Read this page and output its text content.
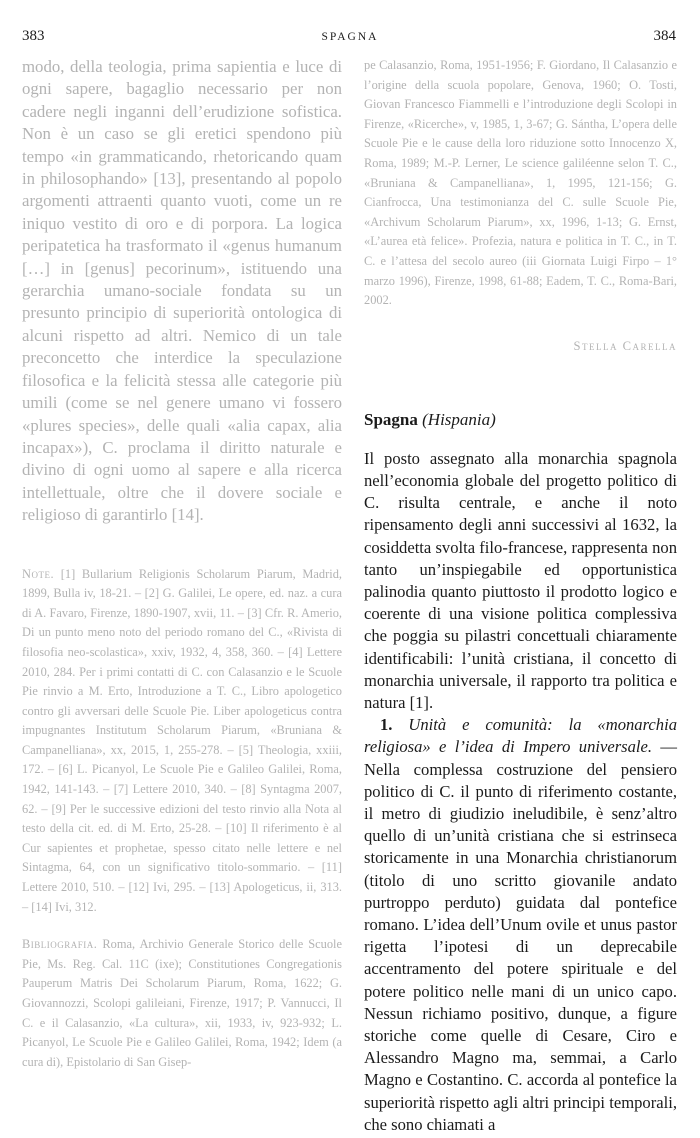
383	SPAGNA	384

modo, della teologia, prima sapientia e luce di ogni sapere, bagaglio necessario per non cadere negli inganni dell’erudizione sofistica. Non è un caso se gli eretici spendono più tempo «in grammaticando, rhetoricando quam in philosophando» [13], presentando al popolo argomenti attraenti quanto vuoti, come un re iniquo vestito di oro e di porpora. La logica peripatetica ha trasformato il «genus humanum […] in [genus] pecorinum», istituendo una gerarchia umano-sociale fondata su un presunto principio di superiorità ontologica di alcuni rispetto ad altri. Nemico di un tale preconcetto che interdice la speculazione filosofica e la felicità stessa alle categorie più umili (come se nel genere umano vi fossero «plures species», delle quali «alia capax, alia incapax»), C. proclama il diritto naturale e divino di ogni uomo al sapere e alla ricerca intellettuale, oltre che il dovere sociale e religioso di garantirlo [14].

Note. [1] Bullarium Religionis Scholarum Piarum, Madrid, 1899, Bulla iv, 18-21. – [2] G. Galilei, Le opere, ed. naz. a cura di A. Favaro, Firenze, 1890-1907, xvii, 11. – [3] Cfr. R. Amerio, Di un punto meno noto del periodo romano del C., «Rivista di filosofia neo-scolastica», xxiv, 1932, 4, 358, 360. – [4] Lettere 2010, 284. Per i primi contatti di C. con Calasanzio e le Scuole Pie rinvio a M. Erto, Introduzione a T. C., Libro apologetico contro gli avversari delle Scuole Pie. Liber apologeticus contra impugnantes Institutum Scholarum Piarum, «Bruniana & Campanelliana», xx, 2015, 1, 255-278. – [5] Theologia, xxiii, 172. – [6] L. Picanyol, Le Scuole Pie e Galileo Galilei, Roma, 1942, 141-143. – [7] Lettere 2010, 340. – [8] Syntagma 2007, 62. – [9] Per le successive edizioni del testo rinvio alla Nota al testo della cit. ed. di M. Erto, 25-28. – [10] Il riferimento è al Cur sapientes et prophetae, spesso citato nelle lettere e nel Sintagma, 64, con un significativo titolo-sommario. – [11] Lettere 2010, 510. – [12] Ivi, 295. – [13] Apologeticus, ii, 313. – [14] Ivi, 312.

Bibliografia. Roma, Archivio Generale Storico delle Scuole Pie, Ms. Reg. Cal. 11C (ixe); Constitutiones Congregationis Pauperum Matris Dei Scholarum Piarum, Roma, 1622; G. Giovannozzi, Scolopi galileiani, Firenze, 1917; P. Vannucci, Il C. e il Calasanzio, «La cultura», xii, 1933, iv, 923-932; L. Picanyol, Le Scuole Pie e Galileo Galilei, Roma, 1942; Idem (a cura di), Epistolario di San Gisep-

pe Calasanzio, Roma, 1951-1956; F. Giordano, Il Calasanzio e l’origine della scuola popolare, Genova, 1960; O. Tosti, Giovan Francesco Fiammelli e l’introduzione degli Scolopi in Firenze, «Ricerche», v, 1985, 1, 3-67; G. Sántha, L’opera delle Scuole Pie e le cause della loro riduzione sotto Innocenzo X, Roma, 1989; M.-P. Lerner, Le science galiléenne selon T. C., «Bruniana & Campanelliana», 1, 1995, 121-156; G. Cianfrocca, Una testimonianza del C. sulle Scuole Pie, «Archivum Scholarum Piarum», xx, 1996, 1-13; G. Ernst, «L’aurea età felice». Profezia, natura e politica in T. C., in T. C. e l’attesa del secolo aureo (iii Giornata Luigi Firpo – 1° marzo 1996), Firenze, 1998, 61-88; Eadem, T. C., Roma-Bari, 2002.

Stella Carella
Spagna (Hispania)

Il posto assegnato alla monarchia spagnola nell’economia globale del progetto politico di C. risulta centrale, e anche il noto ripensamento degli anni successivi al 1632, la cosiddetta svolta filo-francese, rappresenta non tanto un’inspiegabile ed opportunistica palinodia quanto piuttosto il prodotto logico e coerente di una visione politica complessiva che poggia su pilastri concettuali chiaramente identificabili: l’unità cristiana, il concetto di monarchia universale, il rapporto tra politica e natura [1].

1. Unità e comunità: la «monarchia religiosa» e l’idea di Impero universale. — Nella complessa costruzione del pensiero politico di C. il punto di riferimento costante, il metro di giudizio ineludibile, è senz’altro quello di un’unità cristiana che si estrinseca storicamente in una Monarchia christianorum (titolo di uno scritto giovanile andato purtroppo perduto) guidata dal pontefice romano. L’idea dell’Unum ovile et unus pastor rigetta l’ipotesi di un deprecabile accentramento del potere spirituale e del potere politico nelle mani di un unico capo. Nessun richiamo positivo, dunque, a figure storiche come quelle di Cesare, Ciro e Alessandro Magno ma, semmai, a Carlo Magno e Costantino. C. accorda al pontefice la superiorità rispetto agli altri principi temporali, che sono chiamati a
